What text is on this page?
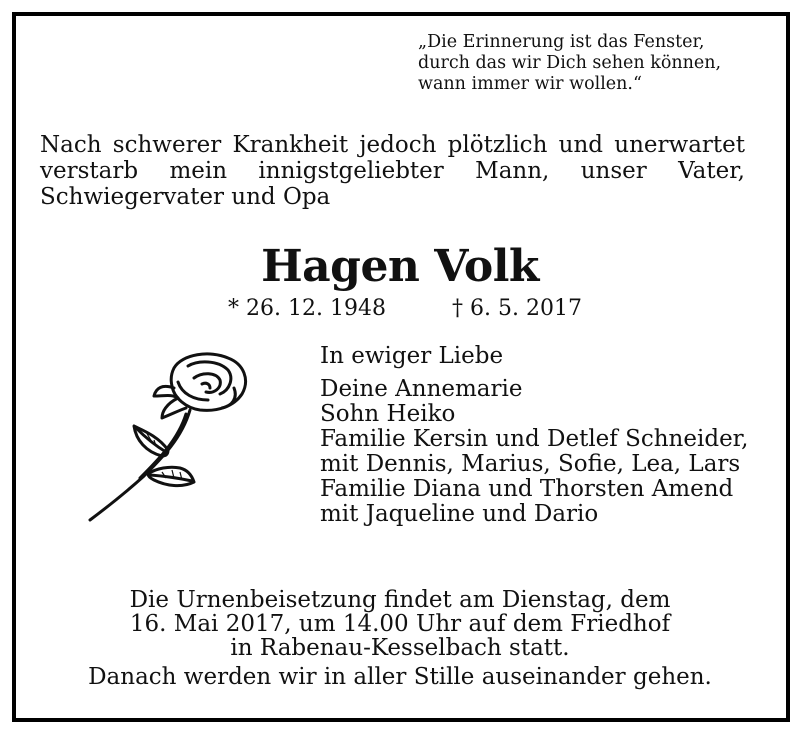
„Die Erinnerung ist das Fenster,
durch das wir Dich sehen können,
wann immer wir wollen.“
Nach schwerer Krankheit jedoch plötzlich und unerwartet
verstarb mein innigstgeliebter Mann, unser Vater,
Schwiegervater und Opa
Hagen Volk
* 26. 12. 1948	† 6. 5. 2017
In ewiger Liebe
Deine Annemarie
Sohn Heiko
Familie Kersin und Detlef Schneider,
mit Dennis, Marius, Sofie, Lea, Lars
Familie Diana und Thorsten Amend
mit Jaqueline und Dario
Die Urnenbeisetzung findet am Dienstag, dem
16. Mai 2017, um 14.00 Uhr auf dem Friedhof
in Rabenau-Kesselbach statt.
Danach werden wir in aller Stille auseinander gehen.
